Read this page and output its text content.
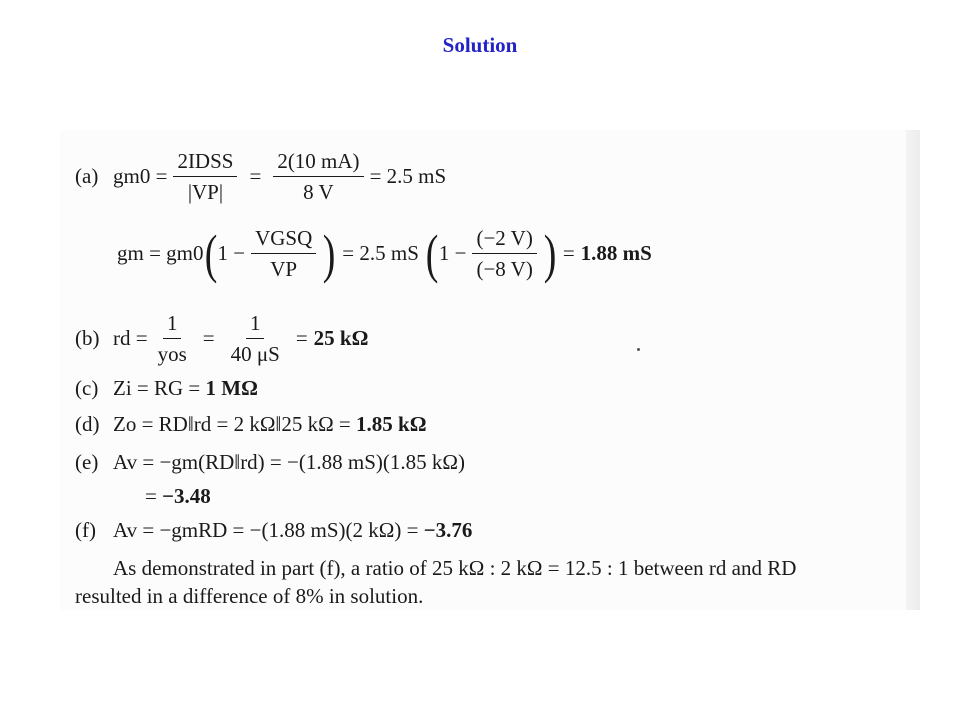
Solution
(a) $gm0 = \frac{\text{2IDSS}}{|VP|} = \frac{2(10 mA)}{8 V} = 2.5$ mS
gm = gm0 ( $1 - \frac{\text{VGSQ}}{VP}$ ) = 2.5 mS ( $1 - \frac{(-2 V)}{(-8 V)}$ ) = 1.88 mS
(b) rd = $\frac{1}{\text{yos}} = \frac{1}{40 \mu S} = 25$ kΩ
(c) Zi = RG =
1 MΩ
(d) Zo = RD‖rd = 2 kΩ‖25 kΩ =
1.85 kΩ
(e) Av = −gm(RD‖rd) = −(1.88 mS)(1.85 kΩ)
=
−3.48
(f) Av = −gmRD = −(1.88 mS)(2 kΩ) =
−3.76
As demonstrated in part (f), a ratio of 25 kΩ : 2 kΩ = 12.5 : 1 between rd and RD
resulted in a difference of 8% in solution.
